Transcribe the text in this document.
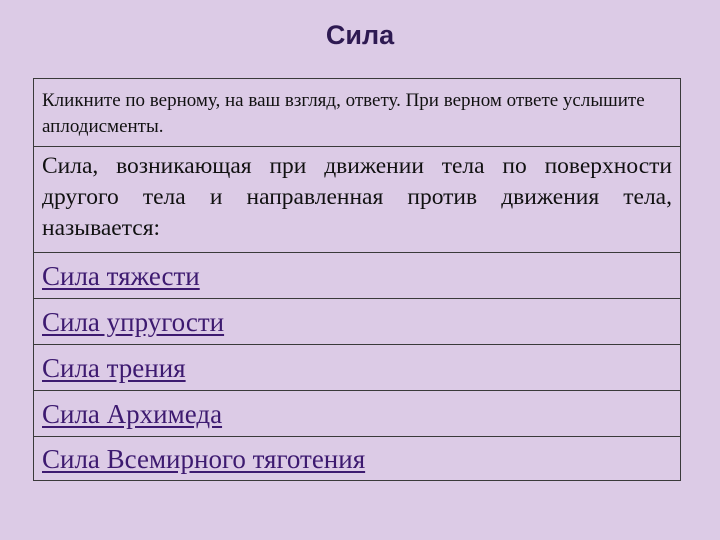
Сила
Кликните по верному, на ваш взгляд, ответу. При верном ответе услышите аплодисменты.
Сила, возникающая при движении тела по поверхности другого тела и направленная против движения тела, называется:
Сила тяжести
Сила упругости
Сила трения
Сила Архимеда
Сила Всемирного тяготения
